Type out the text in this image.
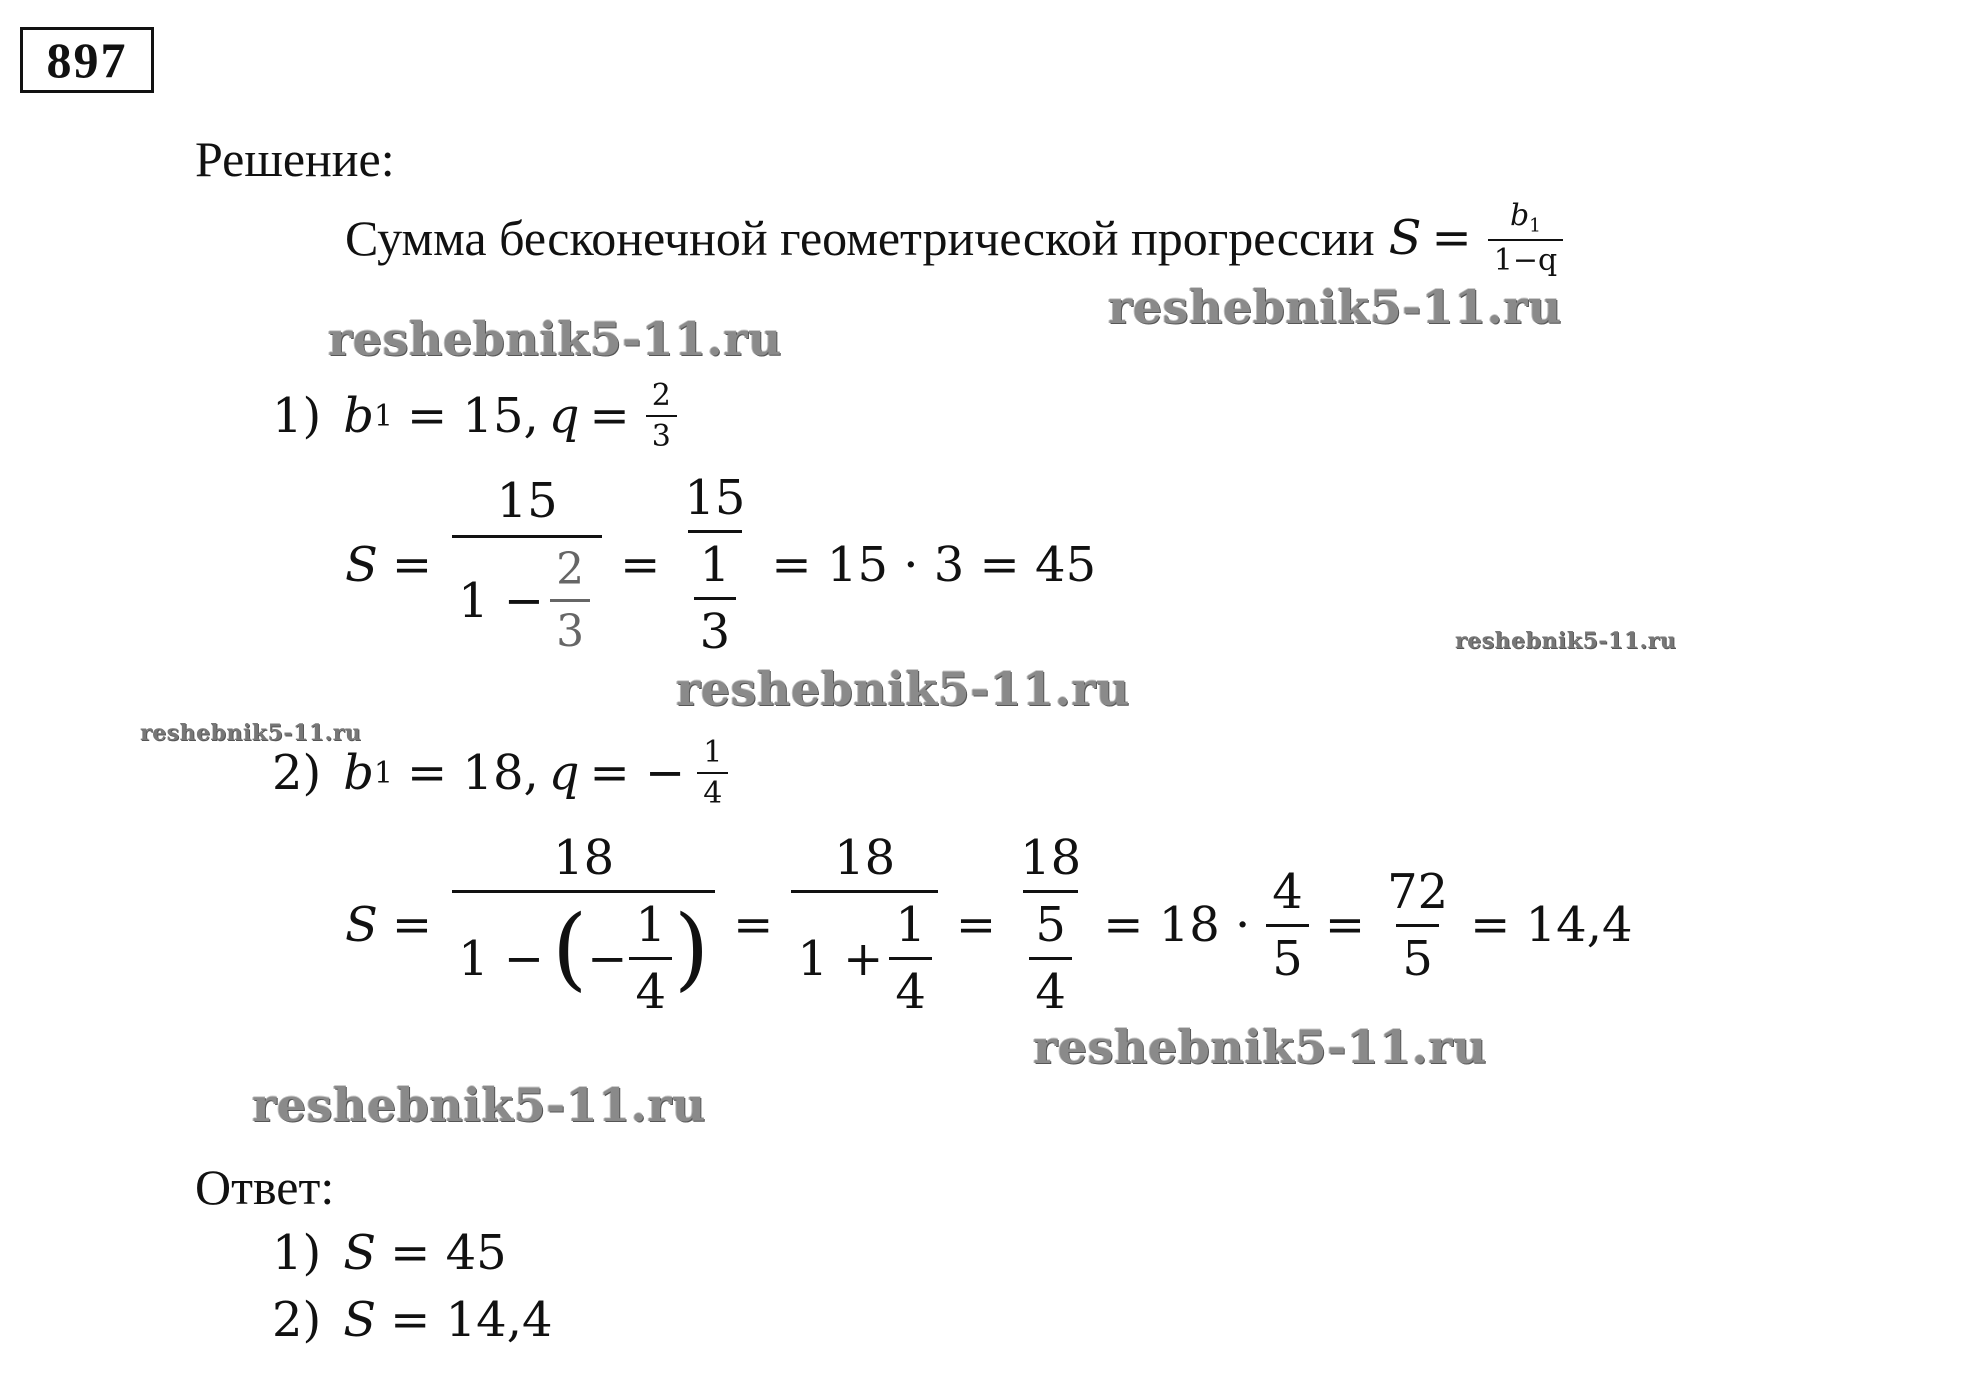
897
Решение:
Сумма бесконечной геометрической прогрессии $S = \frac{b_1}{1-q}$
1) b 1 = 15, $q = \frac{2}{3}$
$S = \frac{15}{1 - \frac{2}{3}} = \frac{15}{\frac{1}{3}} = 15 \cdot 3 = 45$
2) b 1 = 18, q = − $\frac{1}{4}$
S =
18
1 − ( − $\frac{1}{4}$ ) = $\frac{18}{1 + \frac{1}{4}} = \frac{18}{\frac{5}{4}} = 18 \cdot \frac{4}{5} = \frac{72}{5} = 14,4$
Ответ:
1) S = 45
2) S = 14,4
reshebnik5-11.ru
reshebnik5-11.ru
reshebnik5-11.ru
reshebnik5-11.ru
reshebnik5-11.ru
reshebnik5-11.ru
reshebnik5-11.ru
